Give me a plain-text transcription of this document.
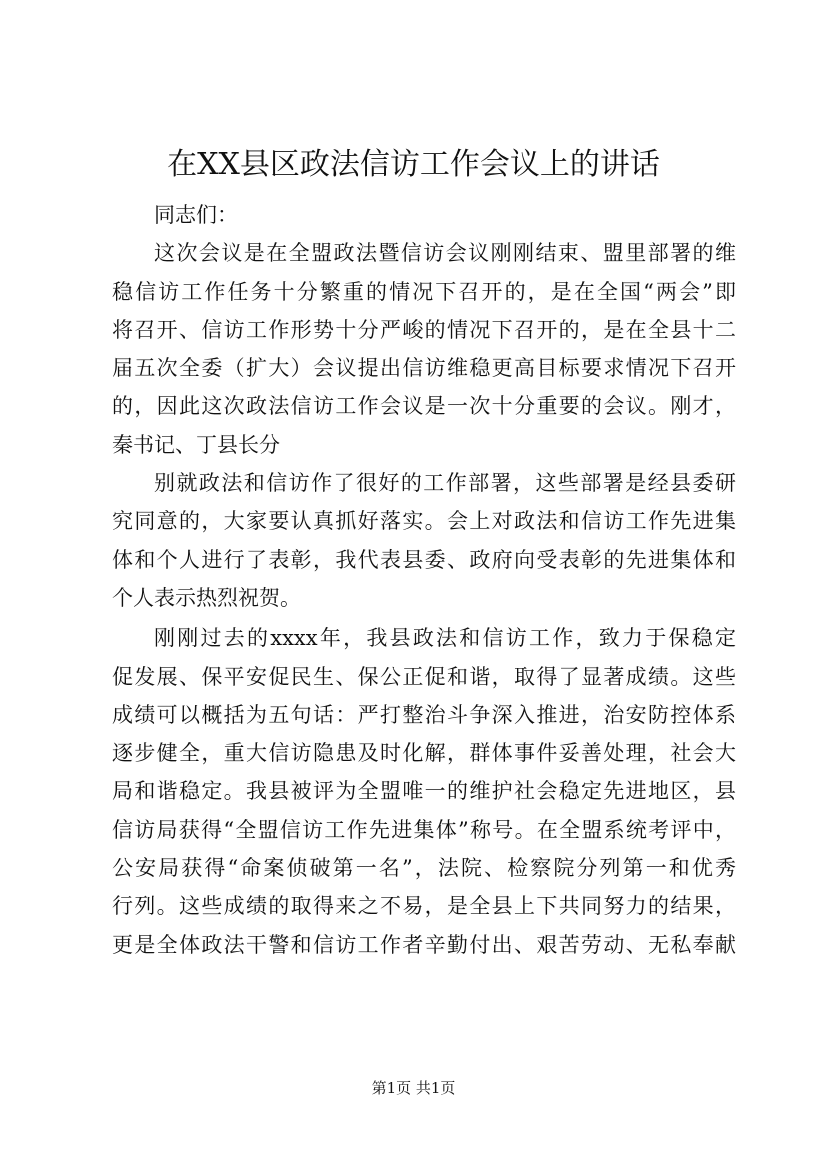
在XX县区政法信访工作会议上的讲话
同志们：
这次会议是在全盟政法暨信访会议刚刚结束、盟里部署的维
稳信访工作任务十分繁重的情况下召开的，是在全国“两会”即
将召开、信访工作形势十分严峻的情况下召开的，是在全县十二
届五次全委（扩大）会议提出信访维稳更高目标要求情况下召开
的，因此这次政法信访工作会议是一次十分重要的会议。刚才，
秦书记、丁县长分
别就政法和信访作了很好的工作部署，这些部署是经县委研
究同意的，大家要认真抓好落实。会上对政法和信访工作先进集
体和个人进行了表彰，我代表县委、政府向受表彰的先进集体和
个人表示热烈祝贺。
刚刚过去的xxxx年，我县政法和信访工作，致力于保稳定
促发展、保平安促民生、保公正促和谐，取得了显著成绩。这些
成绩可以概括为五句话：严打整治斗争深入推进，治安防控体系
逐步健全，重大信访隐患及时化解，群体事件妥善处理，社会大
局和谐稳定。我县被评为全盟唯一的维护社会稳定先进地区，县
信访局获得“全盟信访工作先进集体”称号。在全盟系统考评中，
公安局获得“命案侦破第一名”，法院、检察院分列第一和优秀
行列。这些成绩的取得来之不易，是全县上下共同努力的结果，
更是全体政法干警和信访工作者辛勤付出、艰苦劳动、无私奉献
第1页 共1页
